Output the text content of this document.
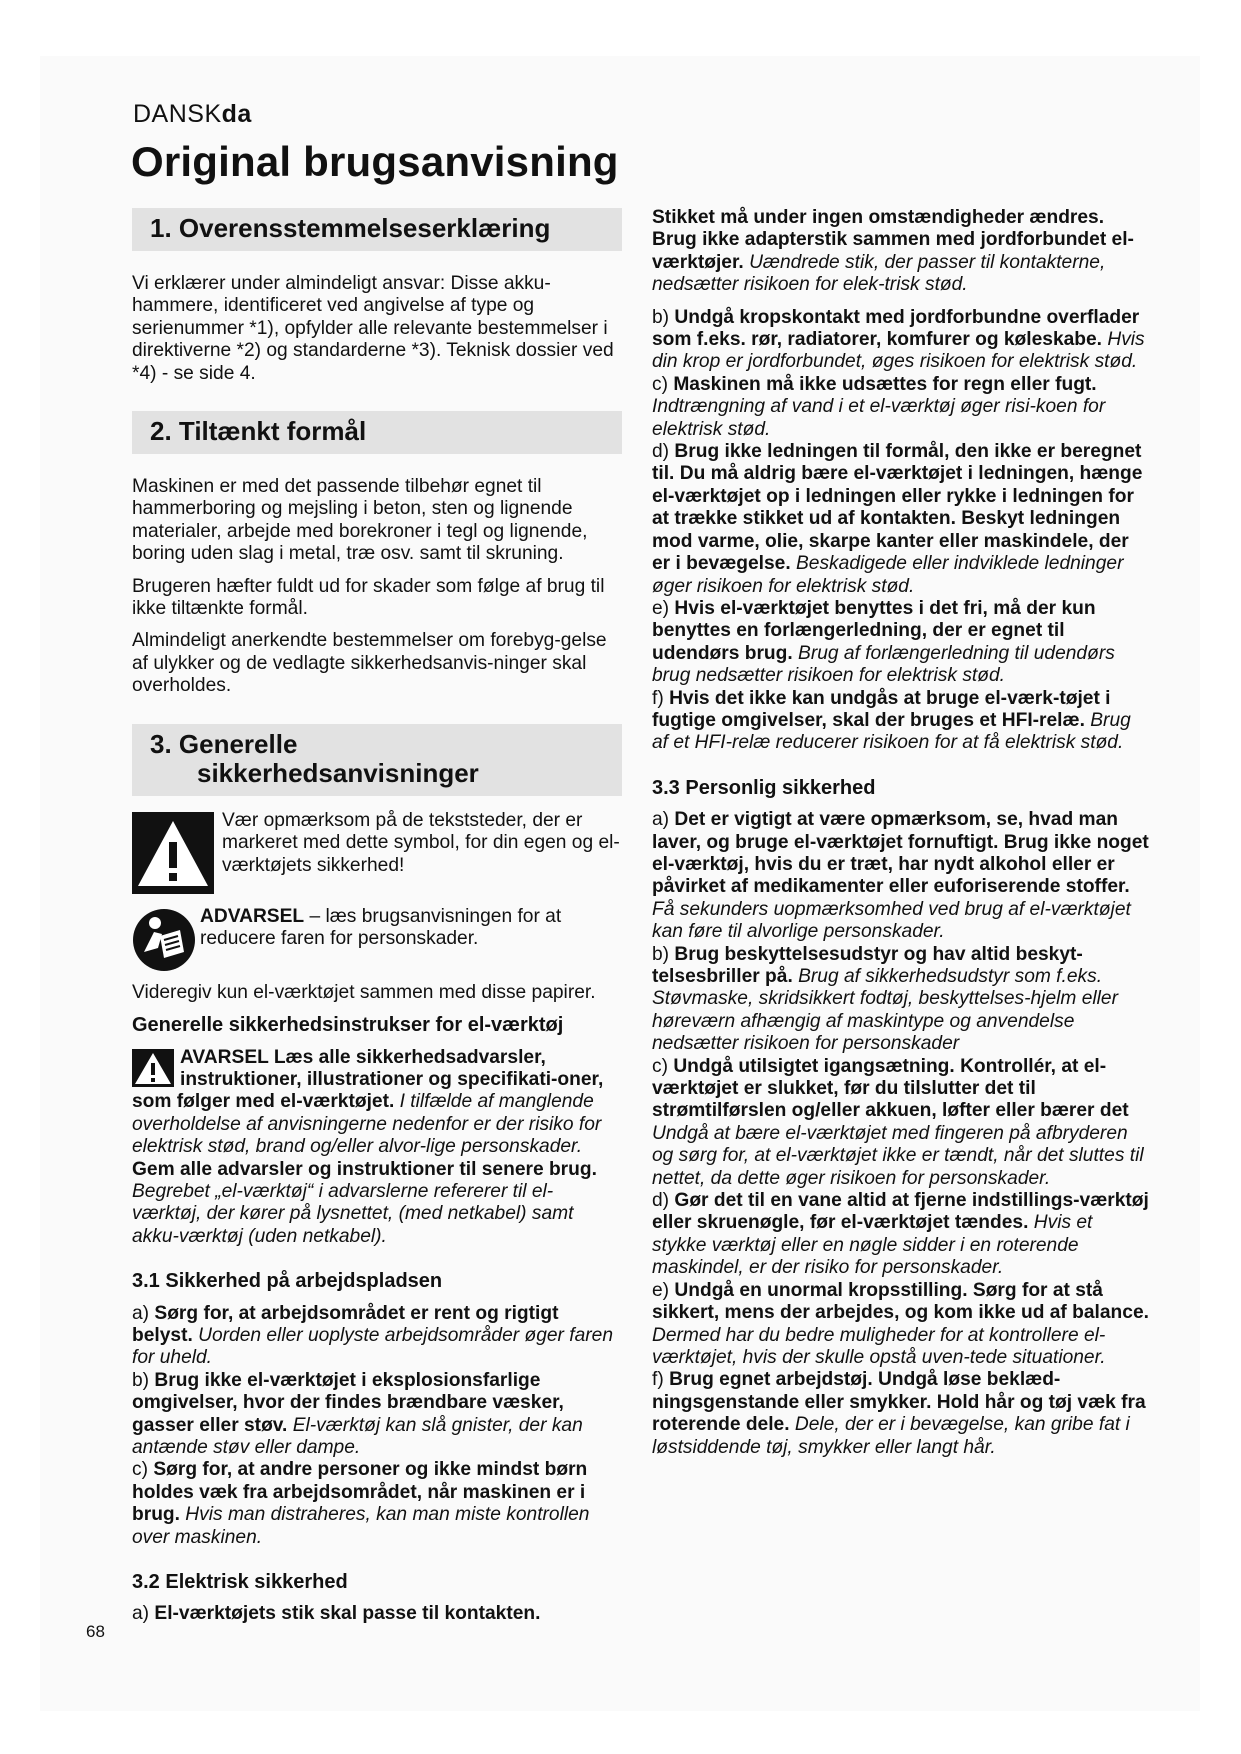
DANSKda
Original brugsanvisning
1. Overensstemmelseserklæring

Vi erklærer under almindeligt ansvar: Disse akku-hammere, identificeret ved angivelse af type og serienummer *1), opfylder alle relevante bestemmelser i direktiverne *2) og standarderne *3). Teknisk dossier ved *4) - se side 4.

2. Tiltænkt formål

Maskinen er med det passende tilbehør egnet til hammerboring og mejsling i beton, sten og lignende materialer, arbejde med borekroner i tegl og lignende, boring uden slag i metal, træ osv. samt til skruning.

Brugeren hæfter fuldt ud for skader som følge af brug til ikke tiltænkte formål.

Almindeligt anerkendte bestemmelser om forebyg-gelse af ulykker og de vedlagte sikkerhedsanvis-ninger skal overholdes.

3. Generelle
sikkerhedsanvisninger

Vær opmærksom på de tekststeder, der er markeret med dette symbol, for din egen og el-værktøjets sikkerhed!

ADVARSEL – læs brugsanvisningen for at reducere faren for personskader.

Videregiv kun el-værktøjet sammen med disse papirer.

Generelle sikkerhedsinstrukser for el-værktøj

AVARSEL Læs alle sikkerhedsadvarsler, instruktioner, illustrationer og specifikati-oner, som følger med el-værktøjet. I tilfælde af manglende overholdelse af anvisningerne nedenfor er der risiko for elektrisk stød, brand og/eller alvor-lige personskader.

Gem alle advarsler og instruktioner til senere brug. Begrebet „el-værktøj“ i advarslerne refererer til el-værktøj, der kører på lysnettet, (med netkabel) samt akku-værktøj (uden netkabel).

3.1 Sikkerhed på arbejdspladsen

a) Sørg for, at arbejdsområdet er rent og rigtigt belyst. Uorden eller uoplyste arbejdsområder øger faren for uheld.

b) Brug ikke el-værktøjet i eksplosionsfarlige omgivelser, hvor der findes brændbare væsker, gasser eller støv. El-værktøj kan slå gnister, der kan antænde støv eller dampe.

c) Sørg for, at andre personer og ikke mindst børn holdes væk fra arbejdsområdet, når maskinen er i brug. Hvis man distraheres, kan man miste kontrollen over maskinen.

3.2 Elektrisk sikkerhed

a) El-værktøjets stik skal passe til kontakten.

Stikket må under ingen omstændigheder ændres. Brug ikke adapterstik sammen med jordforbundet el-værktøjer. Uændrede stik, der passer til kontakterne, nedsætter risikoen for elek-trisk stød.

b) Undgå kropskontakt med jordforbundne overflader som f.eks. rør, radiatorer, komfurer og køleskabe. Hvis din krop er jordforbundet, øges risikoen for elektrisk stød.

c) Maskinen må ikke udsættes for regn eller fugt. Indtrængning af vand i et el-værktøj øger risi-koen for elektrisk stød.

d) Brug ikke ledningen til formål, den ikke er beregnet til. Du må aldrig bære el-værktøjet i ledningen, hænge el-værktøjet op i ledningen eller rykke i ledningen for at trække stikket ud af kontakten. Beskyt ledningen mod varme, olie, skarpe kanter eller maskindele, der er i bevægelse. Beskadigede eller indviklede ledninger øger risikoen for elektrisk stød.

e) Hvis el-værktøjet benyttes i det fri, må der kun benyttes en forlængerledning, der er egnet til udendørs brug. Brug af forlængerledning til udendørs brug nedsætter risikoen for elektrisk stød.

f) Hvis det ikke kan undgås at bruge el-værk-tøjet i fugtige omgivelser, skal der bruges et HFI-relæ. Brug af et HFI-relæ reducerer risikoen for at få elektrisk stød.

3.3 Personlig sikkerhed

a) Det er vigtigt at være opmærksom, se, hvad man laver, og bruge el-værktøjet fornuftigt. Brug ikke noget el-værktøj, hvis du er træt, har nydt alkohol eller er påvirket af medikamenter eller euforiserende stoffer. Få sekunders uopmærksomhed ved brug af el-værktøjet kan føre til alvorlige personskader.

b) Brug beskyttelsesudstyr og hav altid beskyt-telsesbriller på. Brug af sikkerhedsudstyr som f.eks. Støvmaske, skridsikkert fodtøj, beskyttelses-hjelm eller høreværn afhængig af maskintype og anvendelse nedsætter risikoen for personskader

c) Undgå utilsigtet igangsætning. Kontrollér, at el-værktøjet er slukket, før du tilslutter det til strømtilførslen og/eller akkuen, løfter eller bærer det Undgå at bære el-værktøjet med fingeren på afbryderen og sørg for, at el-værktøjet ikke er tændt, når det sluttes til nettet, da dette øger risikoen for personskader.

d) Gør det til en vane altid at fjerne indstillings-værktøj eller skruenøgle, før el-værktøjet tændes. Hvis et stykke værktøj eller en nøgle sidder i en roterende maskindel, er der risiko for personskader.

e) Undgå en unormal kropsstilling. Sørg for at stå sikkert, mens der arbejdes, og kom ikke ud af balance. Dermed har du bedre muligheder for at kontrollere el-værktøjet, hvis der skulle opstå uven-tede situationer.

f) Brug egnet arbejdstøj. Undgå løse beklæd-ningsgenstande eller smykker. Hold hår og tøj væk fra roterende dele. Dele, der er i bevægelse, kan gribe fat i løstsiddende tøj, smykker eller langt hår.

68
